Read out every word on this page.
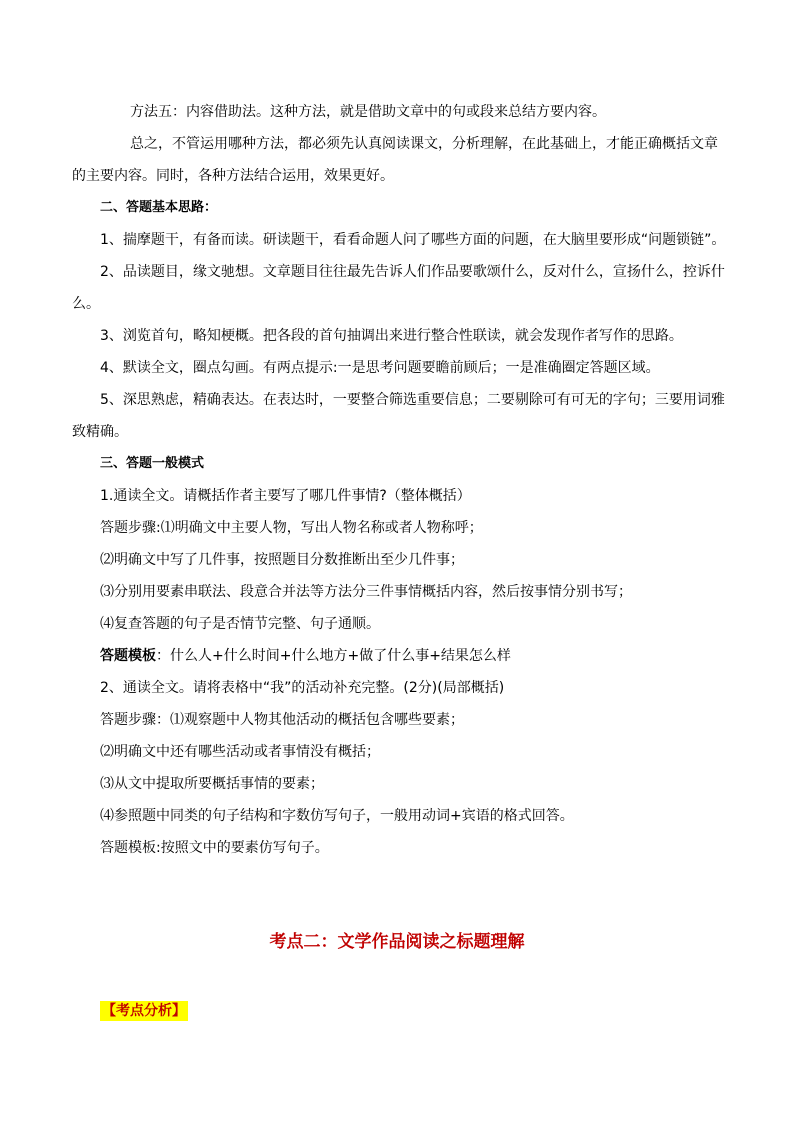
方法五：内容借助法。这种方法，就是借助文章中的句或段来总结方要内容。
总之，不管运用哪种方法，都必须先认真阅读课文，分析理解，在此基础上，才能正确概括文章
的主要内容。同时，各种方法结合运用，效果更好。
二、答题基本思路：
1、揣摩题干，有备而读。研读题干，看看命题人问了哪些方面的问题，在大脑里要形成“问题锁链”。
2、品读题目，缘文驰想。文章题目往往最先告诉人们作品要歌颂什么，反对什么，宣扬什么，控诉什
么。
3、浏览首句，略知梗概。把各段的首句抽调出来进行整合性联读，就会发现作者写作的思路。
4、默读全文，圈点勾画。有两点提示:一是思考问题要瞻前顾后；一是准确圈定答题区域。
5、深思熟虑，精确表达。在表达时，一要整合筛选重要信息；二要剔除可有可无的字句；三要用词雅
致精确。
三、答题一般模式
1.通读全文。请概括作者主要写了哪几件事情?（整体概括）
答题步骤:⑴明确文中主要人物，写出人物名称或者人物称呼；
⑵明确文中写了几件事，按照题目分数推断出至少几件事；
⑶分别用要素串联法、段意合并法等方法分三件事情概括内容，然后按事情分别书写；
⑷复查答题的句子是否情节完整、句子通顺。
答题模板：什么人+什么时间+什么地方+做了什么事+结果怎么样
2、通读全文。请将表格中“我”的活动补充完整。(2分)(局部概括)
答题步骤：⑴观察题中人物其他活动的概括包含哪些要素；
⑵明确文中还有哪些活动或者事情没有概括；
⑶从文中提取所要概括事情的要素；
⑷参照题中同类的句子结构和字数仿写句子，一般用动词+宾语的格式回答。
答题模板:按照文中的要素仿写句子。
考点二：文学作品阅读之标题理解
【考点分析】
